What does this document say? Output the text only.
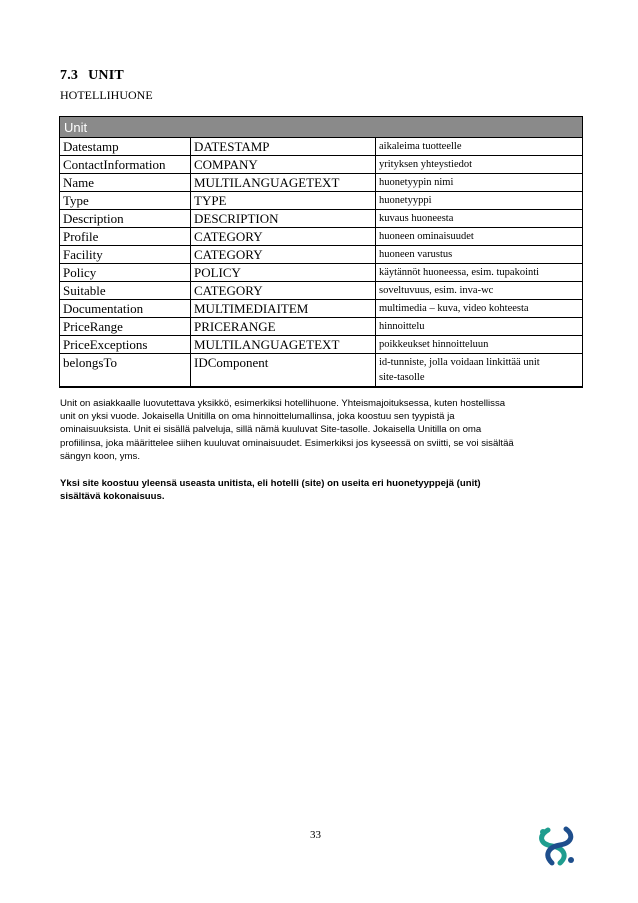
7.3 UNIT
HOTELLIHUONE
Unit		
Datestamp	DATESTAMP	aikaleima tuotteelle
ContactInformation	COMPANY	yrityksen yhteystiedot
Name	MULTILANGUAGETEXT	huonetyypin nimi
Type	TYPE	huonetyyppi
Description	DESCRIPTION	kuvaus huoneesta
Profile	CATEGORY	huoneen ominaisuudet
Facility	CATEGORY	huoneen varustus
Policy	POLICY	käytännöt huoneessa, esim. tupakointi
Suitable	CATEGORY	soveltuvuus, esim. inva-wc
Documentation	MULTIMEDIAITEM	multimedia – kuva, video kohteesta
PriceRange	PRICERANGE	hinnoittelu
PriceExceptions	MULTILANGUAGETEXT	poikkeukset hinnoitteluun
belongsTo	IDComponent	id-tunniste, jolla voidaan linkittää unit
site-tasolle
Unit on asiakkaalle luovutettava yksikkö, esimerkiksi hotellihuone. Yhteismajoituksessa, kuten hostellissa
unit on yksi vuode. Jokaisella Unitilla on oma hinnoittelumallinsa, joka koostuu sen tyypistä ja
ominaisuuksista. Unit ei sisällä palveluja, sillä nämä kuuluvat Site-tasolle. Jokaisella Unitilla on oma
profiilinsa, joka määrittelee siihen kuuluvat ominaisuudet. Esimerkiksi jos kyseessä on sviitti, se voi sisältää
sängyn koon, yms.
Yksi site koostuu yleensä useasta unitista, eli hotelli (site) on useita eri huonetyyppejä (unit)
sisältävä kokonaisuus.
33
